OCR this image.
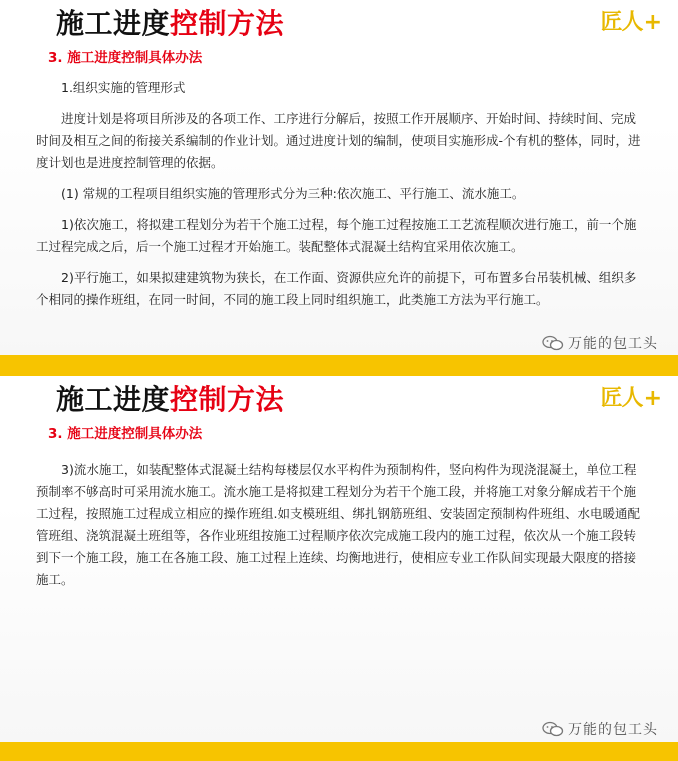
施工进度控制方法	匠人 +
3. 施工进度控制具体办法

1.组织实施的管理形式

进度计划是将项目所涉及的各项工作、工序进行分解后，按照工作开展顺序、开始时间、持续时间、完成时间及相互之间的衔接关系编制的作业计划。通过进度计划的编制，使项目实施形成-个有机的整体，同时，进度计划也是进度控制管理的依据。

(1) 常规的工程项目组织实施的管理形式分为三种:依次施工、平行施工、流水施工。

1)依次施工，将拟建工程划分为若干个施工过程，每个施工过程按施工工艺流程顺次进行施工，前一个施工过程完成之后，后一个施工过程才开始施工。装配整体式混凝土结构宜采用依次施工。

2)平行施工，如果拟建建筑物为狭长，在工作面、资源供应允许的前提下，可布置多台吊装机械、组织多个相同的操作班组，在同一时间，不同的施工段上同时组织施工，此类施工方法为平行施工。

万能的包工头
施工进度控制方法	匠人 +
3. 施工进度控制具体办法

3)流水施工，如装配整体式混凝土结构每楼层仅水平构件为预制构件，竖向构件为现浇混凝土，单位工程预制率不够高时可采用流水施工。流水施工是将拟建工程划分为若干个施工段，并将施工对象分解成若干个施工过程，按照施工过程成立相应的操作班组.如支模班组、绑扎钢筋班组、安装固定预制构件班组、水电暖通配管班组、浇筑混凝土班组等，各作业班组按施工过程顺序依次完成施工段内的施工过程，依次从一个施工段转到下一个施工段，施工在各施工段、施工过程上连续、均衡地进行，使相应专业工作队间实现最大限度的搭接施工。

万能的包工头
